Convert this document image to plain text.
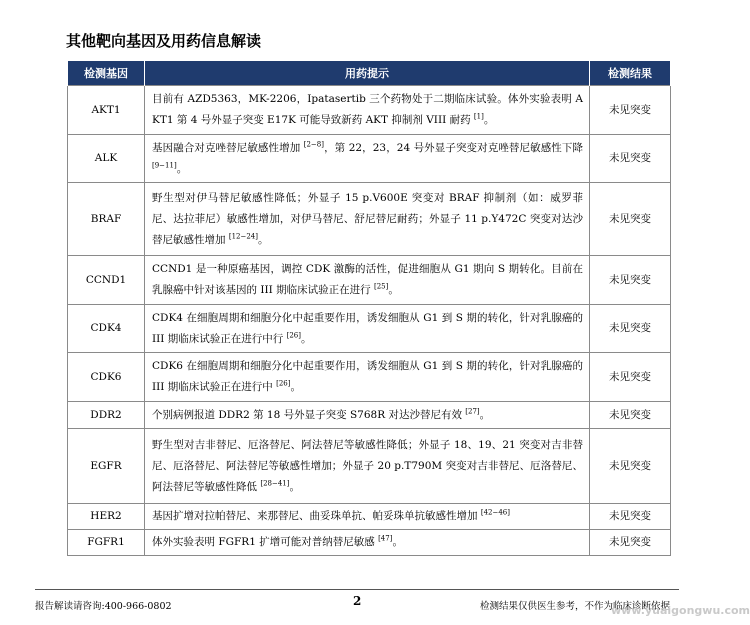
其他靶向基因及用药信息解读
检测基因	用药提示	检测结果
AKT1	目前有 AZD5363，MK-2206，Ipatasertib 三个药物处于二期临床试验。体外实验表明 AKT1 第 4 号外显子突变 E17K 可能导致新药 AKT 抑制剂 VIII 耐药 [1]。	未见突变
ALK	基因融合对克唑替尼敏感性增加 [2−8]，第 22，23，24 号外显子突变对克唑替尼敏感性下降 [9−11]。	未见突变
BRAF	野生型对伊马替尼敏感性降低；外显子 15 p.V600E 突变对 BRAF 抑制剂（如：威罗菲尼、达拉菲尼）敏感性增加，对伊马替尼、舒尼替尼耐药；外显子 11 p.Y472C 突变对达沙替尼敏感性增加 [12−24]。	未见突变
CCND1	CCND1 是一种原癌基因，调控 CDK 激酶的活性，促进细胞从 G1 期向 S 期转化。目前在乳腺癌中针对该基因的 III 期临床试验正在进行 [25]。	未见突变
CDK4	CDK4 在细胞周期和细胞分化中起重要作用，诱发细胞从 G1 到 S 期的转化，针对乳腺癌的 III 期临床试验正在进行中行 [26]。	未见突变
CDK6	CDK6 在细胞周期和细胞分化中起重要作用，诱发细胞从 G1 到 S 期的转化，针对乳腺癌的 III 期临床试验正在进行中 [26]。	未见突变
DDR2	个别病例报道 DDR2 第 18 号外显子突变 S768R 对达沙替尼有效 [27]。	未见突变
EGFR	野生型对吉非替尼、厄洛替尼、阿法替尼等敏感性降低；外显子 18、19、21 突变对吉非替尼、厄洛替尼、阿法替尼等敏感性增加；外显子 20 p.T790M 突变对吉非替尼、厄洛替尼、阿法替尼等敏感性降低 [28−41]。	未见突变
HER2	基因扩增对拉帕替尼、来那替尼、曲妥珠单抗、帕妥珠单抗敏感性增加 [42−46]	未见突变
FGFR1	体外实验表明 FGFR1 扩增可能对普纳替尼敏感 [47]。	未见突变
报告解读请咨询:400-966-0802	2	检测结果仅供医生参考，不作为临床诊断依据
www.yuaigongwu.com
